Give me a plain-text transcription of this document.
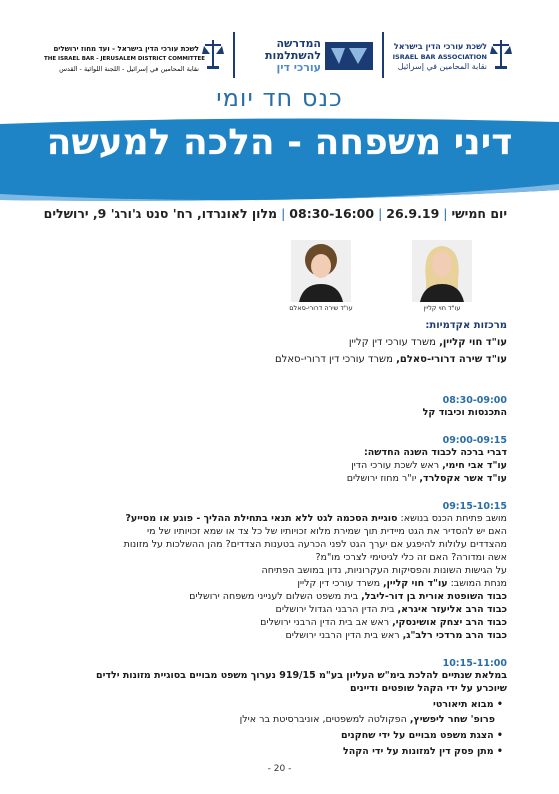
לשכת עורכי הדין בישראל
ISRAEL BAR ASSOCIATION
نقابة المحامين في إسرائيل
המדרשה
להשתלמות
עורכי דין
לשכת עורכי הדין בישראל - ועד מחוז ירושלים
THE ISRAEL BAR - JERUSALEM DISTRICT COMMITTEE
نقابة المحامين في إسرائيل - اللجنة اللوائية - القدس
כנס חד יומי
דיני משפחה - הלכה למעשה
יום חמישי|26.9.19|08:30-16:00|מלון לאונרדו, רח' סנט ג'ורג' 9, ירושלים
עו"ד חוי קליין
עו"ד שירה דרורי-סאלם
מרכזות אקדמיות:
עו"ד חוי קליין, משרד עורכי דין קליין
עו"ד שירה דרורי-סאלם, משרד עורכי דין דרורי-סאלם
08:30-09:00
התכנסות וכיבוד קל
09:00-09:15
דברי ברכה לכבוד השנה החדשה:
עו"ד אבי חימי, ראש לשכת עורכי הדין
עו"ד אשר אקסלרד, יו"ר מחוז ירושלים
09:15-10:15
מושב פתיחת הכנס בנושא: סוגיית הסכמה לגט ללא תנאי בתחילת ההליך - פוגע או מסייע?
האם יש להסדיר את הגט מיידית תוך שמירת מלוא זכויותיו של כל צד או שמא זכויותיו של מי
מהצדדים עלולות להיפגע אם יערך הגט לפני הכרעה בטענות הצדדים? מהן ההשלכות על מזונות
אשה ומדורה? האם זה כלי לגיטימי לצרכי מו"מ?
על הגישות השונות והפסיקות העקרוניות, נדון במושב הפתיחה
מנחת המושב: עו"ד חוי קליין, משרד עורכי דין קליין
כבוד השופטת אורית בן דור-ליבל, בית משפט השלום לענייני משפחה ירושלים
כבוד הרב אליעזר איגרא, בית הדין הרבני הגדול ירושלים
כבוד הרב יצחק אושינסקי, ראש אב בית הדין הרבני ירושלים
כבוד הרב מרדכי רלב"ג, ראש בית הדין הרבני ירושלים
10:15-11:00
במלאת שנתיים להלכת בימ"ש העליון בע"מ 919/15 נערוך משפט מבויים בסוגיית מזונות ילדים
שיוכרע על ידי הקהל שופטים ודיינים
• מבוא תיאורטי
פרופ' שחר ליפשיץ, הפקולטה למשפטים, אוניברסיטת בר אילן
• הצגת משפט מבויים על ידי שחקנים
• מתן פסק דין למזונות על ידי הקהל
- 20 -
